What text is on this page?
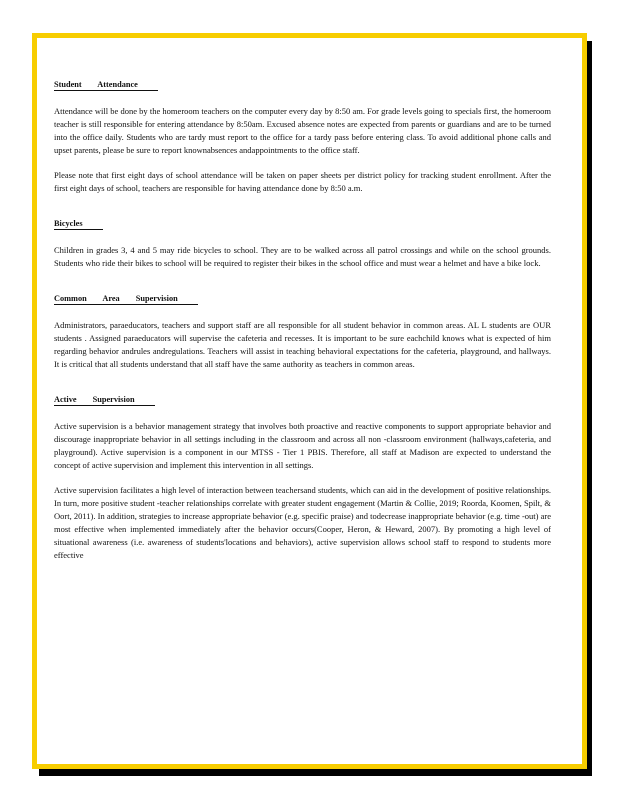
Student Attendance

Attendance will be done by the homeroom teachers on the computer every day by 8:50 am. For grade levels going to specials first, the homeroom teacher is still responsible for entering attendance by 8:50am. Excused absence notes are expected from parents or guardians and are to be turned into the office daily. Students who are tardy must report to the office for a tardy pass before entering class. To avoid additional phone calls and upset parents, please be sure to report knownabsences andappointments to the office staff.

Please note that first eight days of school attendance will be taken on paper sheets per district policy for tracking student enrollment. After the first eight days of school, teachers are responsible for having attendance done by 8:50 a.m.

Bicycles

Children in grades 3, 4 and 5 may ride bicycles to school. They are to be walked across all patrol crossings and while on the school grounds. Students who ride their bikes to school will be required to register their bikes in the school office and must wear a helmet and have a bike lock.

Common Area Supervision

Administrators, paraeducators, teachers and support staff are all responsible for all student behavior in common areas. AL L students are OUR students . Assigned paraeducators will supervise the cafeteria and recesses. It is important to be sure eachchild knows what is expected of him regarding behavior andrules andregulations. Teachers will assist in teaching behavioral expectations for the cafeteria, playground, and hallways. It is critical that all students understand that all staff have the same authority as teachers in common areas.

Active Supervision

Active supervision is a behavior management strategy that involves both proactive and reactive components to support appropriate behavior and discourage inappropriate behavior in all settings including in the classroom and across all non -classroom environment (hallways,cafeteria, and playground). Active supervision is a component in our MTSS - Tier 1 PBIS. Therefore, all staff at Madison are expected to understand the concept of active supervision and implement this intervention in all settings.

Active supervision facilitates a high level of interaction between teachersand students, which can aid in the development of positive relationships. In turn, more positive student -teacher relationships correlate with greater student engagement (Martin & Collie, 2019; Roorda, Koomen, Spilt, & Oort, 2011). In addition, strategies to increase appropriate behavior (e.g. specific praise) and todecrease inappropriate behavior (e.g. time -out) are most effective when implemented immediately after the behavior occurs(Cooper, Heron, & Heward, 2007). By promoting a high level of situational awareness (i.e. awareness of students'locations and behaviors), active supervision allows school staff to respond to students more effective
